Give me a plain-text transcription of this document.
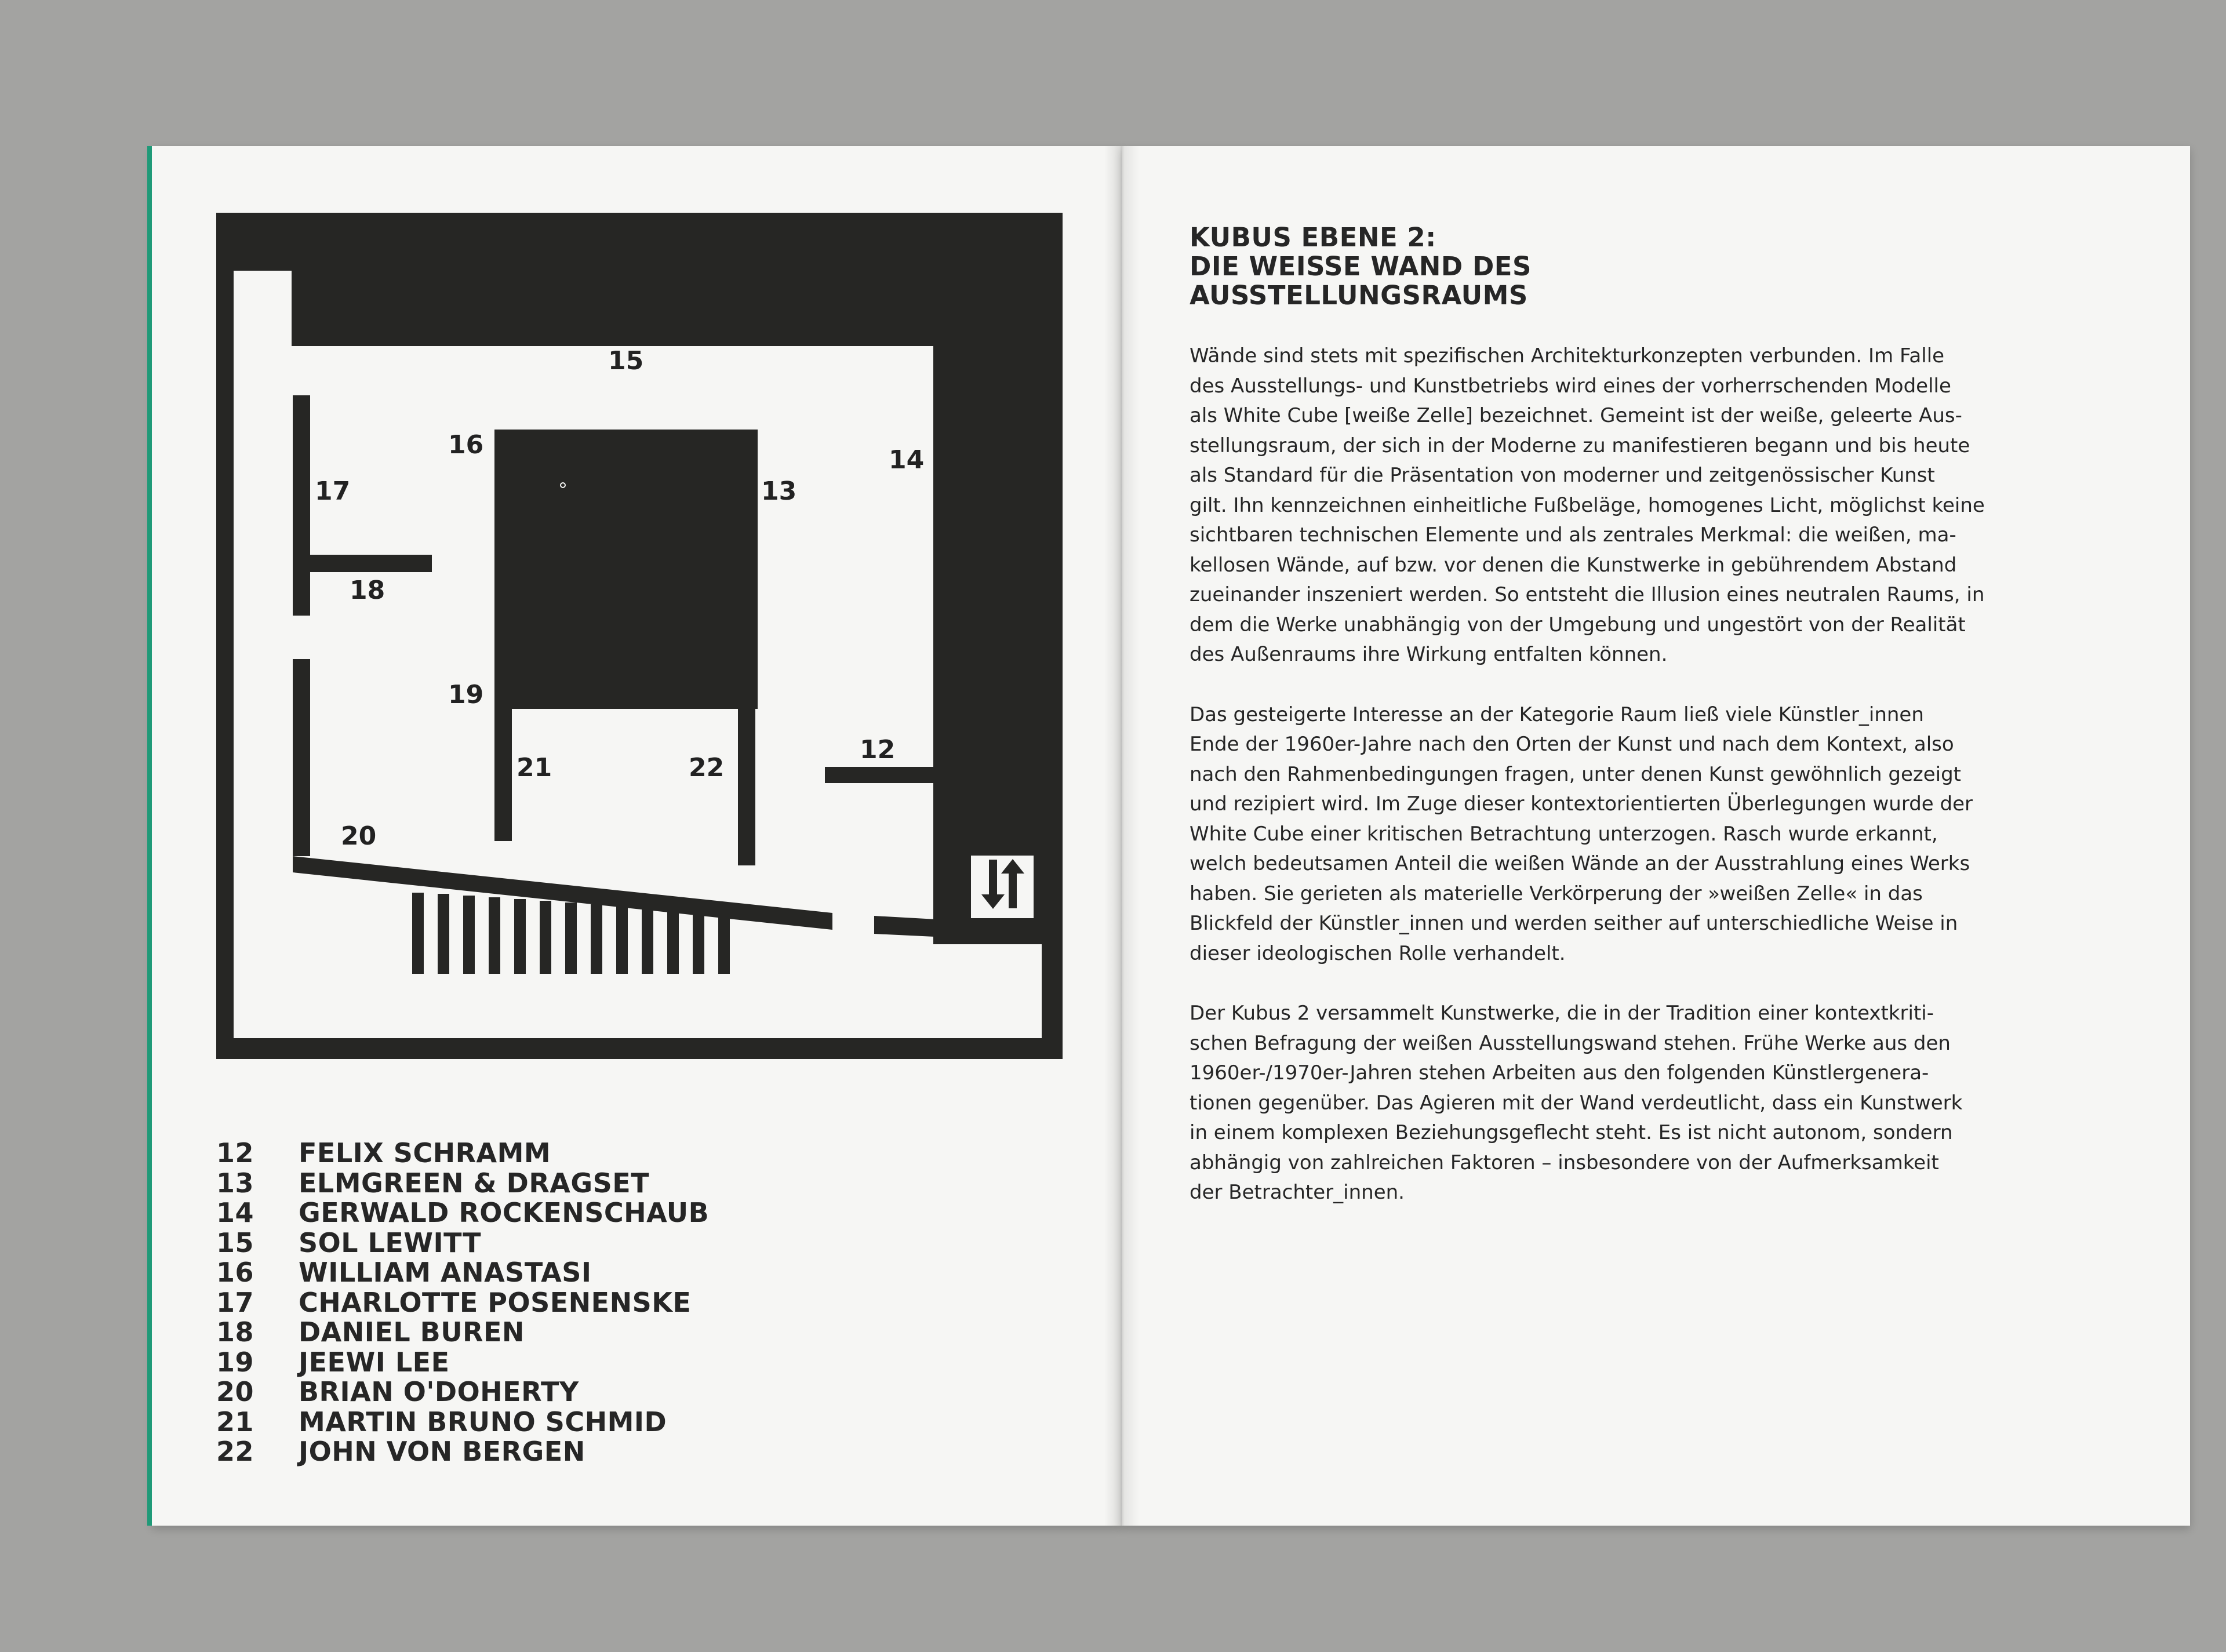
15
16
14
13
17
18
19
21	22
12
20
12	FELIX SCHRAMM
13	ELMGREEN & DRAGSET
14	GERWALD ROCKENSCHAUB
15	SOL LEWITT
16	WILLIAM ANASTASI
17	CHARLOTTE POSENENSKE
18	DANIEL BUREN
19	JEEWI LEE
20	BRIAN O'DOHERTY
21	MARTIN BRUNO SCHMID
22	JOHN VON BERGEN
KUBUS EBENE 2:
DIE WEISSE WAND DES
AUSSTELLUNGSRAUMS

Wände sind stets mit spezifischen Architekturkonzepten verbunden. Im Falle
des Ausstellungs- und Kunstbetriebs wird eines der vorherrschenden Modelle
als White Cube [weiße Zelle] bezeichnet. Gemeint ist der weiße, geleerte Aus-
stellungsraum, der sich in der Moderne zu manifestieren begann und bis heute
als Standard für die Präsentation von moderner und zeitgenössischer Kunst
gilt. Ihn kennzeichnen einheitliche Fußbeläge, homogenes Licht, möglichst keine
sichtbaren technischen Elemente und als zentrales Merkmal: die weißen, ma-
kellosen Wände, auf bzw. vor denen die Kunstwerke in gebührendem Abstand
zueinander inszeniert werden. So entsteht die Illusion eines neutralen Raums, in
dem die Werke unabhängig von der Umgebung und ungestört von der Realität
des Außenraums ihre Wirkung entfalten können.

Das gesteigerte Interesse an der Kategorie Raum ließ viele Künstler_innen
Ende der 1960er-Jahre nach den Orten der Kunst und nach dem Kontext, also
nach den Rahmenbedingungen fragen, unter denen Kunst gewöhnlich gezeigt
und rezipiert wird. Im Zuge dieser kontextorientierten Überlegungen wurde der
White Cube einer kritischen Betrachtung unterzogen. Rasch wurde erkannt,
welch bedeutsamen Anteil die weißen Wände an der Ausstrahlung eines Werks
haben. Sie gerieten als materielle Verkörperung der »weißen Zelle« in das
Blickfeld der Künstler_innen und werden seither auf unterschiedliche Weise in
dieser ideologischen Rolle verhandelt.

Der Kubus 2 versammelt Kunstwerke, die in der Tradition einer kontextkriti-
schen Befragung der weißen Ausstellungswand stehen. Frühe Werke aus den
1960er-/1970er-Jahren stehen Arbeiten aus den folgenden Künstlergenera-
tionen gegenüber. Das Agieren mit der Wand verdeutlicht, dass ein Kunstwerk
in einem komplexen Beziehungsgeflecht steht. Es ist nicht autonom, sondern
abhängig von zahlreichen Faktoren – insbesondere von der Aufmerksamkeit
der Betrachter_innen.
